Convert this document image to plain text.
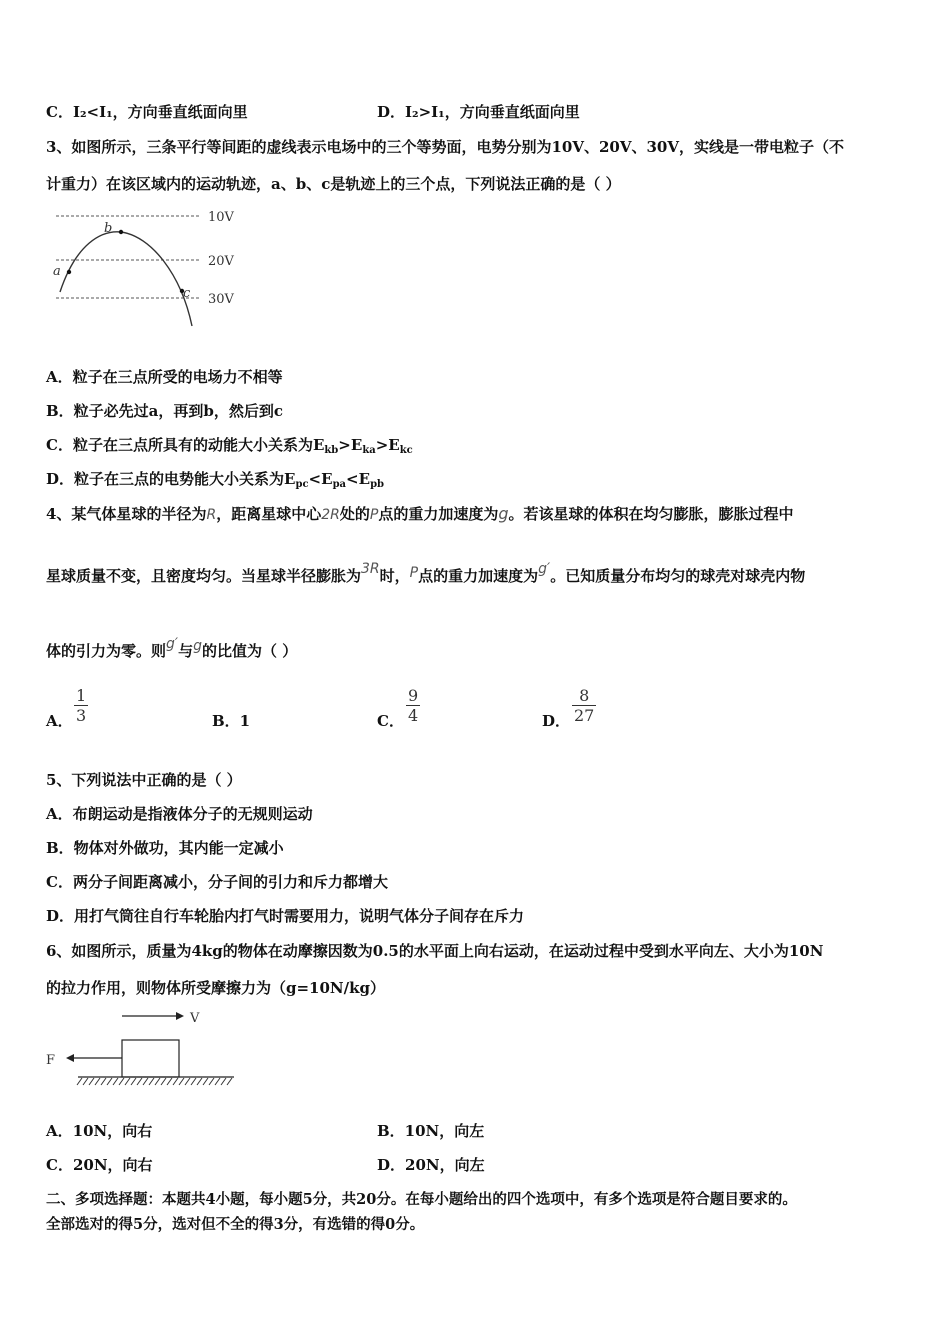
C．I₂<I₁，方向垂直纸面向里	D．I₂>I₁，方向垂直纸面向里
3、如图所示，三条平行等间距的虚线表示电场中的三个等势面，电势分别为10V、20V、30V，实线是一带电粒子（不
计重力）在该区域内的运动轨迹，a、b、c是轨迹上的三个点，下列说法正确的是（ ）
a
b
c
10V
20V
30V
A．粒子在三点所受的电场力不相等
B．粒子必先过a，再到b，然后到c
C．粒子在三点所具有的动能大小关系为$E_{kb}>E_{ka}>E_{kc}$
D．粒子在三点的电势能大小关系为$E_{pc}<E_{pa}<E_{pb}$
4、某气体星球的半径为R，距离星球中心2R处的P点的重力加速度为g。若该星球的体积在均匀膨胀，膨胀过程中
星球质量不变，且密度均匀。当星球半径膨胀为3R时，P点的重力加速度为g′。已知质量分布均匀的球壳对球壳内物
体的引力为零。则g′与g的比值为（ ）
A． $\frac{1}{3}$	B．1	C． $\frac{9}{4}$	D． $\frac{8}{27}$
5、下列说法中正确的是（ ）
A．布朗运动是指液体分子的无规则运动
B．物体对外做功，其内能一定减小
C．两分子间距离减小，分子间的引力和斥力都增大
D．用打气筒往自行车轮胎内打气时需要用力，说明气体分子间存在斥力
6、如图所示，质量为4kg的物体在动摩擦因数为0.5的水平面上向右运动，在运动过程中受到水平向左、大小为10N
的拉力作用，则物体所受摩擦力为（g=10N/kg）
V
F
A．10N，向右	B．10N，向左
C．20N，向右	D．20N，向左
二、多项选择题：本题共4小题，每小题5分，共20分。在每小题给出的四个选项中，有多个选项是符合题目要求的。
全部选对的得5分，选对但不全的得3分，有选错的得0分。
